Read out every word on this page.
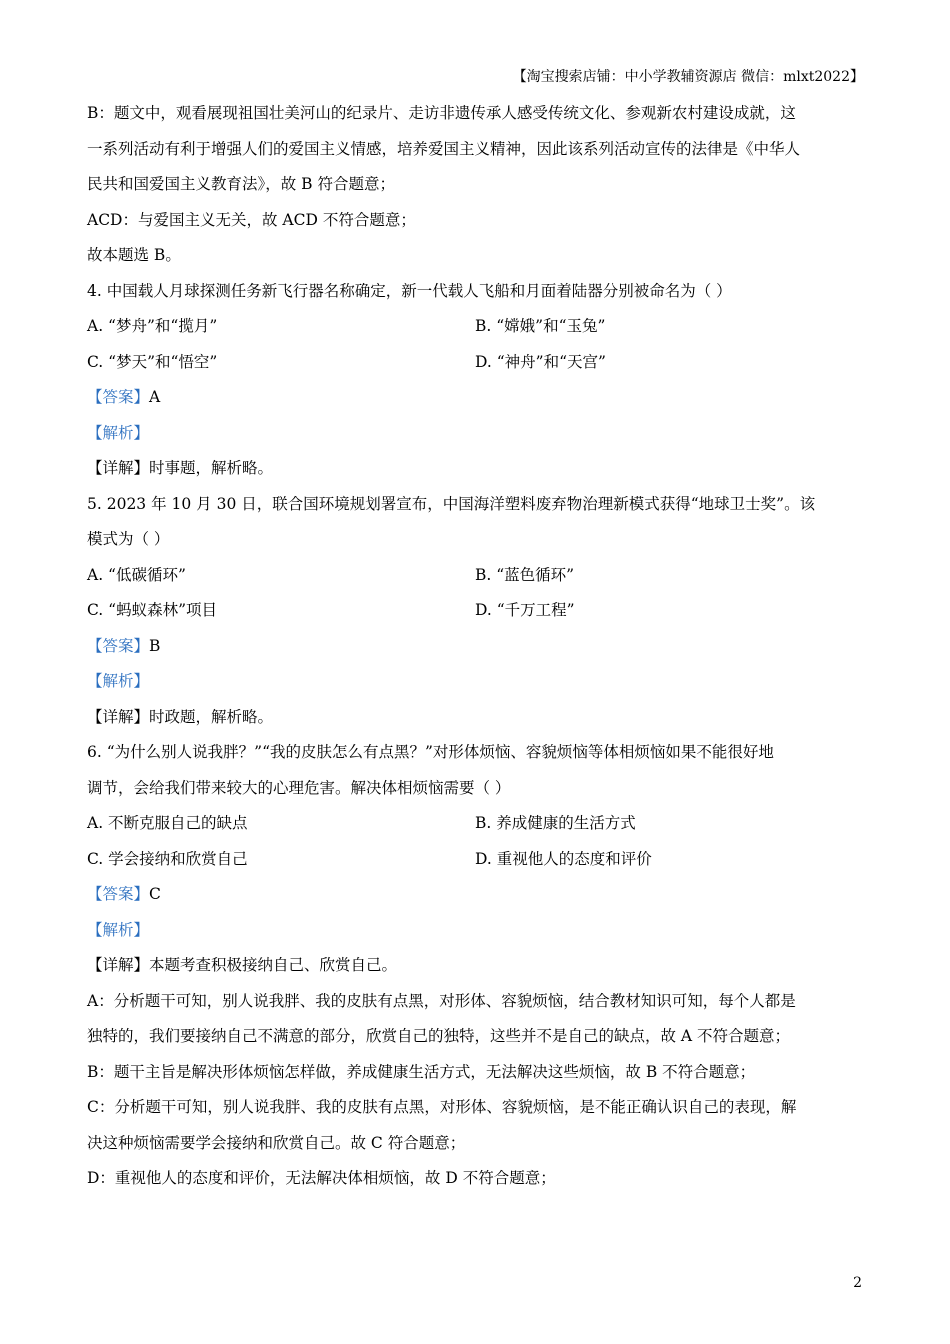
【淘宝搜索店铺：中小学教辅资源店 微信：mlxt2022】
B：题文中，观看展现祖国壮美河山的纪录片、走访非遗传承人感受传统文化、参观新农村建设成就，这
一系列活动有利于增强人们的爱国主义情感，培养爱国主义精神，因此该系列活动宣传的法律是《中华人
民共和国爱国主义教育法》，故 B 符合题意；
ACD：与爱国主义无关，故 ACD 不符合题意；
故本题选 B。
4. 中国载人月球探测任务新飞行器名称确定，新一代载人飞船和月面着陆器分别被命名为（ ）
A. “梦舟”和“揽月”	B. “嫦娥”和“玉兔”
C. “梦天”和“悟空”	D. “神舟”和“天宫”
【答案】A
【解析】
【详解】时事题，解析略。
5. 2023 年 10 月 30 日，联合国环境规划署宣布，中国海洋塑料废弃物治理新模式获得“地球卫士奖”。该
模式为（ ）
A. “低碳循环”	B. “蓝色循环”
C. “蚂蚁森林”项目	D. “千万工程”
【答案】B
【解析】
【详解】时政题，解析略。
6. “为什么别人说我胖？”“我的皮肤怎么有点黑？”对形体烦恼、容貌烦恼等体相烦恼如果不能很好地
调节，会给我们带来较大的心理危害。解决体相烦恼需要（ ）
A. 不断克服自己的缺点	B. 养成健康的生活方式
C. 学会接纳和欣赏自己	D. 重视他人的态度和评价
【答案】C
【解析】
【详解】本题考查积极接纳自己、欣赏自己。
A：分析题干可知，别人说我胖、我的皮肤有点黑，对形体、容貌烦恼，结合教材知识可知，每个人都是
独特的，我们要接纳自己不满意的部分，欣赏自己的独特，这些并不是自己的缺点，故 A 不符合题意；
B：题干主旨是解决形体烦恼怎样做，养成健康生活方式，无法解决这些烦恼，故 B 不符合题意；
C：分析题干可知，别人说我胖、我的皮肤有点黑，对形体、容貌烦恼，是不能正确认识自己的表现，解
决这种烦恼需要学会接纳和欣赏自己。故 C 符合题意；
D：重视他人的态度和评价，无法解决体相烦恼，故 D 不符合题意；
2
